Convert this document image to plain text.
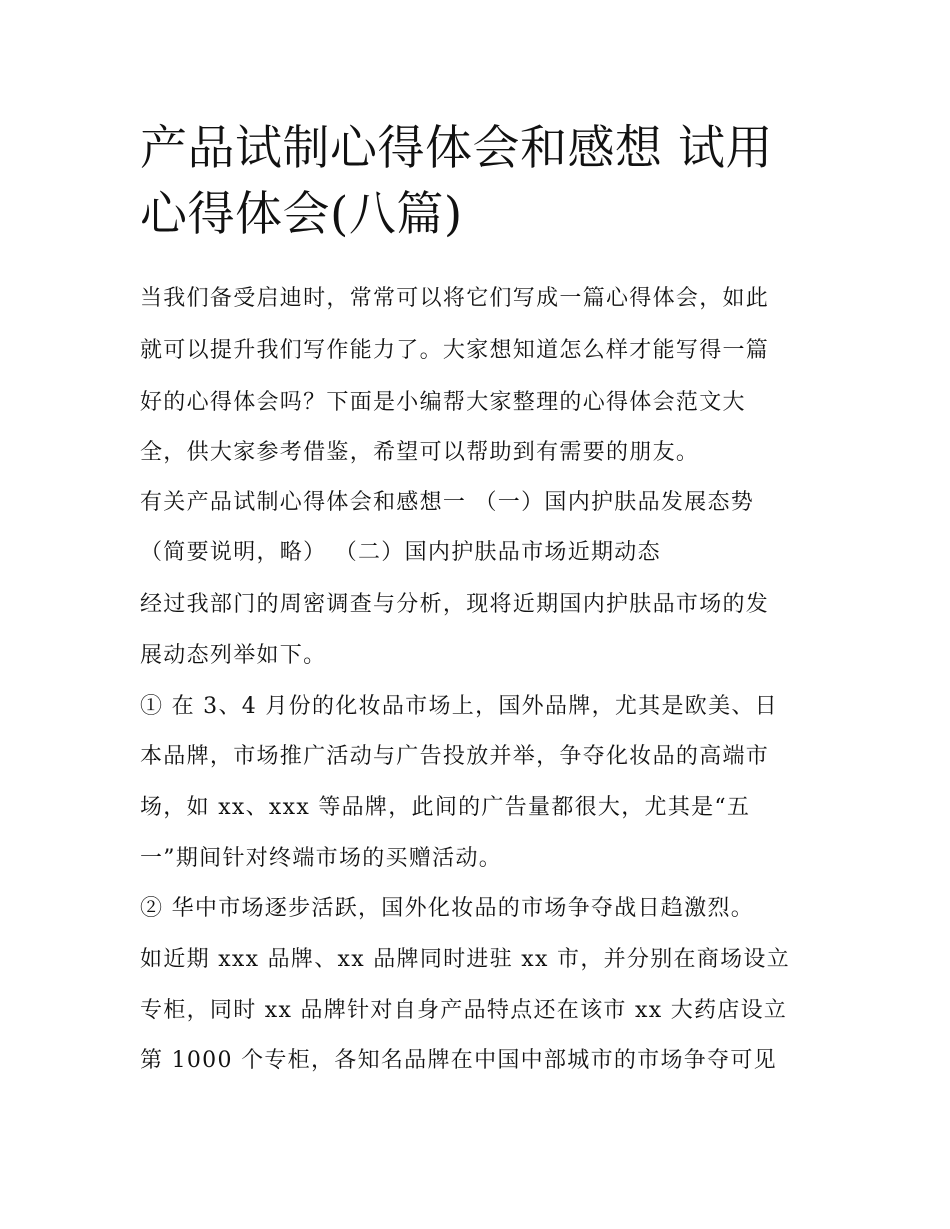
产品试制心得体会和感想 试用
心得体会(八篇)

当我们备受启迪时，常常可以将它们写成一篇心得体会，如此

就可以提升我们写作能力了。大家想知道怎么样才能写得一篇

好的心得体会吗？下面是小编帮大家整理的心得体会范文大

全，供大家参考借鉴，希望可以帮助到有需要的朋友。

有关产品试制心得体会和感想一 （一）国内护肤品发展态势

（简要说明，略） （二）国内护肤品市场近期动态

经过我部门的周密调查与分析，现将近期国内护肤品市场的发

展动态列举如下。

① 在 3、4 月份的化妆品市场上，国外品牌，尤其是欧美、日

本品牌，市场推广活动与广告投放并举，争夺化妆品的高端市

场，如 xx、xxx 等品牌，此间的广告量都很大，尤其是“五

一”期间针对终端市场的买赠活动。

② 华中市场逐步活跃，国外化妆品的市场争夺战日趋激烈。

如近期 xxx 品牌、xx 品牌同时进驻 xx 市，并分别在商场设立

专柜，同时 xx 品牌针对自身产品特点还在该市 xx 大药店设立

第 1000 个专柜，各知名品牌在中国中部城市的市场争夺可见
